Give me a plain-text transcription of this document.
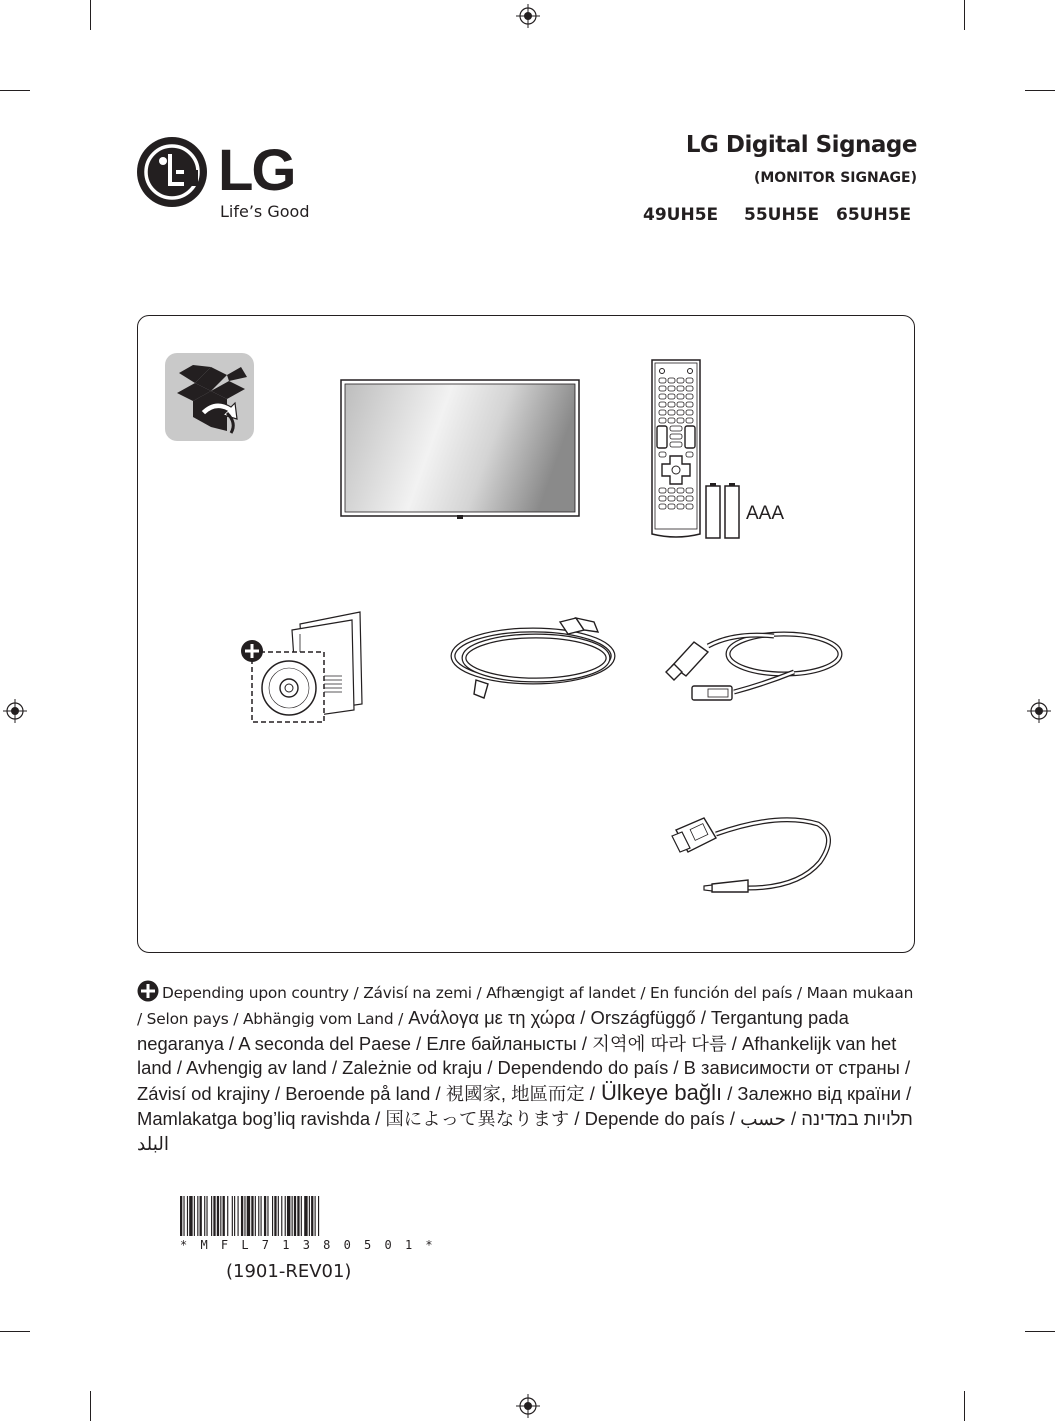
LG
Life’s Good
LG Digital Signage
(MONITOR SIGNAGE)
49UH5E 55UH5E 65UH5E
AAA
Depending upon country / Závisí na zemi / Afhængigt af landet / En función del país / Maan mukaan / Selon pays / Abhängig vom Land / Ανάλογα με τη χώρα / Országfüggő / Tergantung pada negaranya / A seconda del Paese / Елге байланысты / 지역에 따라 다름 / Afhankelijk van het land / Avhengig av land / Zależnie od kraju / Dependendo do país / В зависимости от страны / Závisí od krajiny / Beroende på land / 視國家, 地區而定 / Ülkeye bağlı / Залежно від країни / Mamlakatga bog’liq ravishda / 国によって異なります / Depende do país / תלויות במדינה / حسب البلد
* M F L 7 1 3 8 0 5 0 1 *
(1901-REV01)
